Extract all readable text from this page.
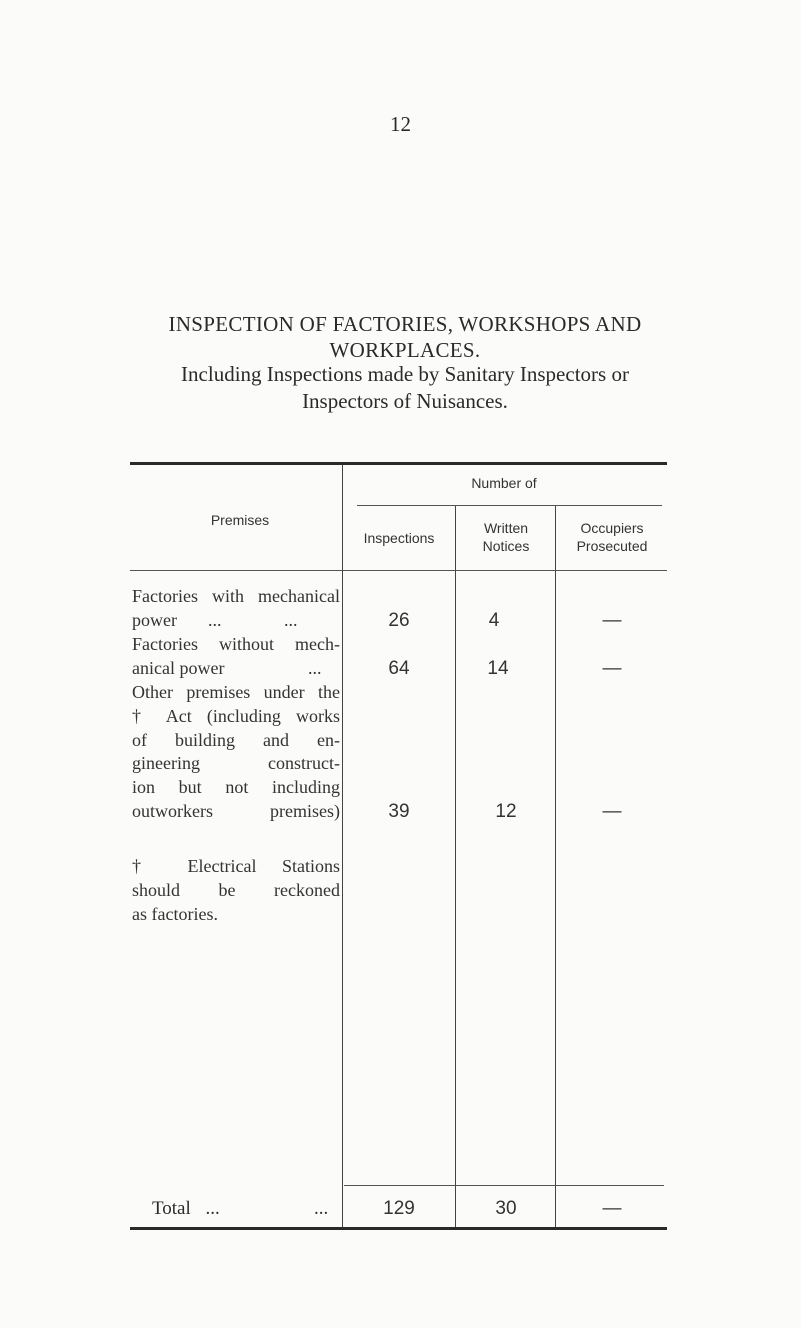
12
INSPECTION OF FACTORIES, WORKSHOPS AND
WORKPLACES.
Including Inspections made by Sanitary Inspectors or
Inspectors of Nuisances.
Premises
Number of
Inspections
Written Notices
Occupiers Prosecuted
Factories with mechanical
power ...	...	26	4	—
Factories without mech-
anical power	...	64	14	—
Other premises under the
† Act (including works
of building and en-
gineering construct-
ion but not including
outworkers premises)	39	12	—
† Electrical Stations
should be reckoned
as factories.
Total ...	...	129	30	—
